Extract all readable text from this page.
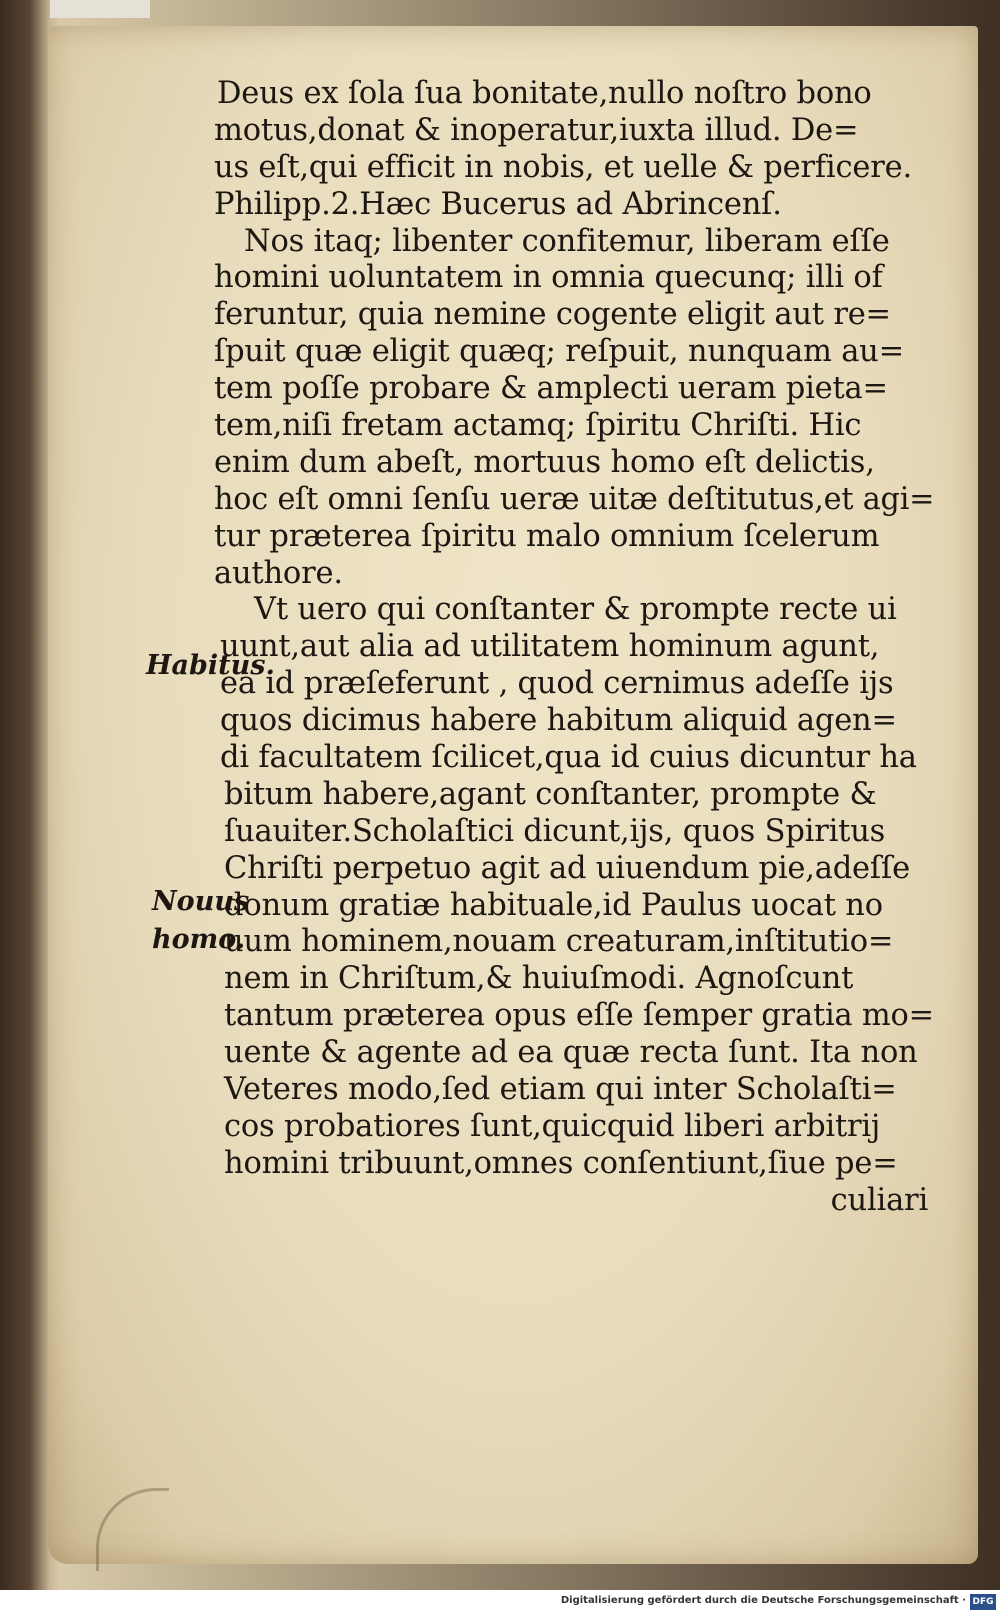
Deus ex ſola ſua bonitate,nullo noſtro bono
motus,donat & inoperatur,iuxta illud. De=
us eſt,qui efficit in nobis, et uelle & perficere.
Philipp.2.Hæc Bucerus ad Abrincenſ.
Nos itaq; libenter confitemur, liberam eſſe
homini uoluntatem in omnia quecunq; illi of
feruntur, quia nemine cogente eligit aut re=
ſpuit quæ eligit quæq; reſpuit, nunquam au=
tem poſſe probare & amplecti ueram pieta=
tem,niſi fretam actamq; ſpiritu Chriſti. Hic
enim dum abeſt, mortuus homo eſt delictis,
hoc eſt omni ſenſu ueræ uitæ deſtitutus,et agi=
tur præterea ſpiritu malo omnium ſcelerum
authore.
Vt uero qui conſtanter & prompte recte ui
uunt,aut alia ad utilitatem hominum agunt,
ea id præſeferunt , quod cernimus adeſſe ijs
quos dicimus habere habitum aliquid agen=
di facultatem ſcilicet,qua id cuius dicuntur ha
bitum habere,agant conſtanter, prompte &
ſuauiter.Scholaſtici dicunt,ijs, quos Spiritus
Chriſti perpetuo agit ad uiuendum pie,adeſſe
donum gratiæ habituale,id Paulus uocat no
uum hominem,nouam creaturam,inſtitutio=
nem in Chriſtum,& huiuſmodi. Agnoſcunt
tantum præterea opus eſſe ſemper gratia mo=
uente & agente ad ea quæ recta ſunt. Ita non
Veteres modo,ſed etiam qui inter Scholaſti=
cos probatiores ſunt,quicquid liberi arbitrij
homini tribuunt,omnes conſentiunt,ſiue pe=
culiari
Habitus.
Nouus
homo.
Digitalisierung gefördert durch die Deutsche Forschungsgemeinschaft · DFG
